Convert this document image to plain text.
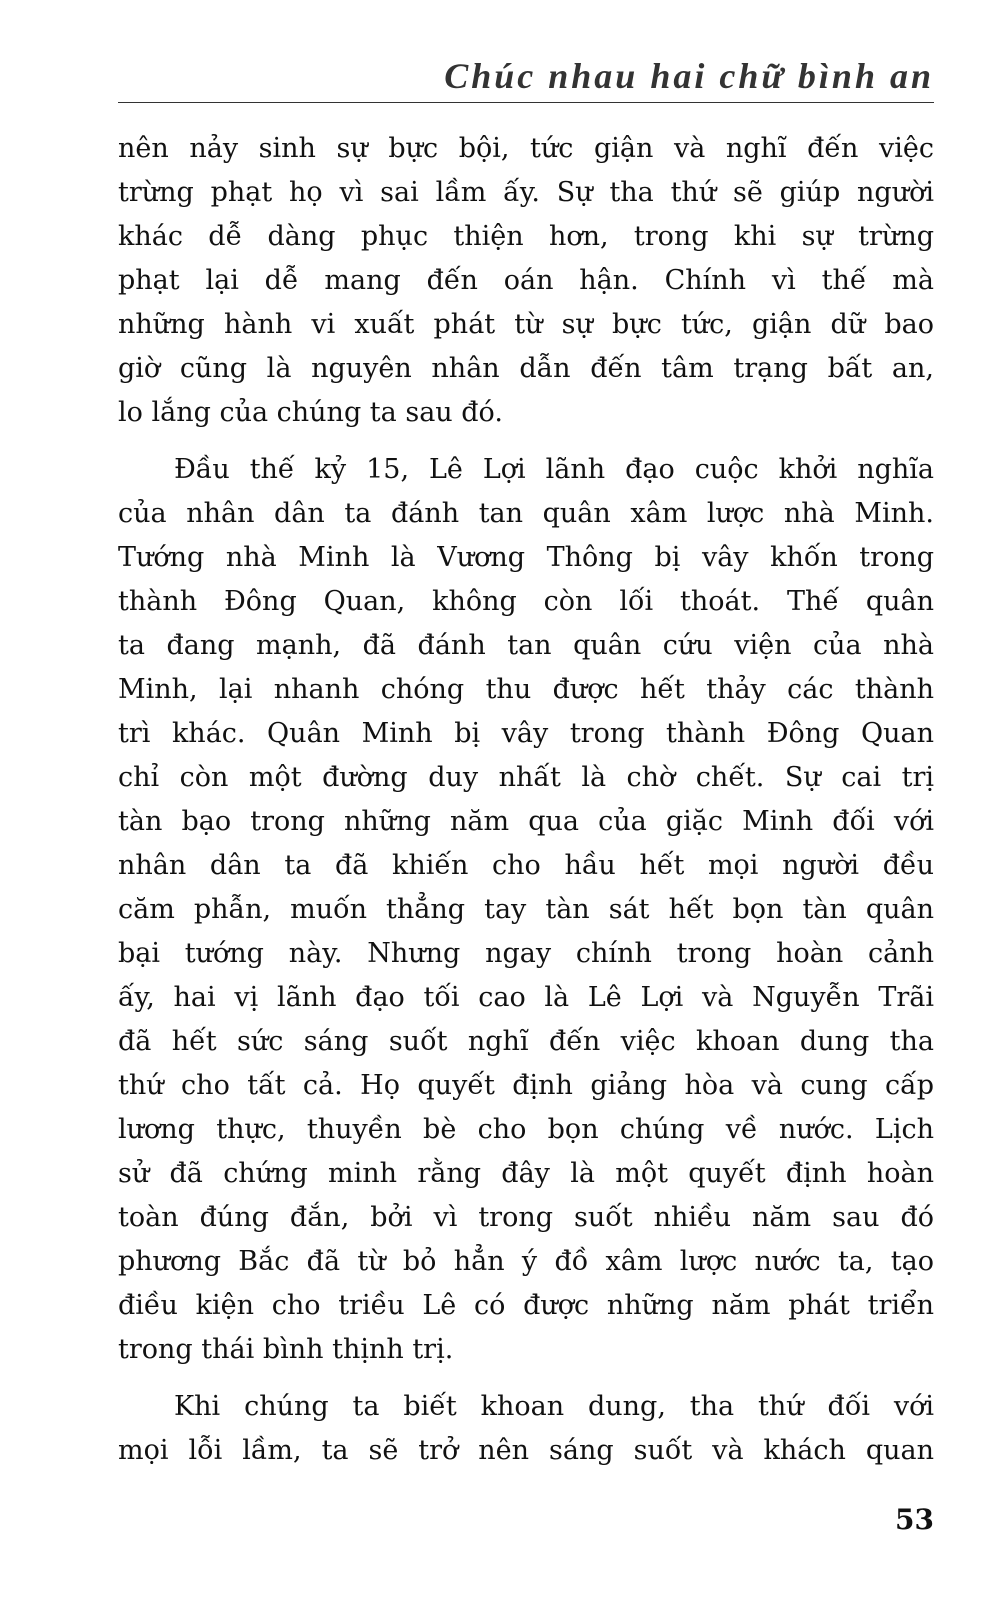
Chúc nhau hai chữ bình an

nên nảy sinh sự bực bội, tức giận và nghĩ đến việc
trừng phạt họ vì sai lầm ấy. Sự tha thứ sẽ giúp người
khác dễ dàng phục thiện hơn, trong khi sự trừng
phạt lại dễ mang đến oán hận. Chính vì thế mà
những hành vi xuất phát từ sự bực tức, giận dữ bao
giờ cũng là nguyên nhân dẫn đến tâm trạng bất an,
lo lắng của chúng ta sau đó.

Đầu thế kỷ 15, Lê Lợi lãnh đạo cuộc khởi nghĩa
của nhân dân ta đánh tan quân xâm lược nhà Minh.
Tướng nhà Minh là Vương Thông bị vây khốn trong
thành Đông Quan, không còn lối thoát. Thế quân
ta đang mạnh, đã đánh tan quân cứu viện của nhà
Minh, lại nhanh chóng thu được hết thảy các thành
trì khác. Quân Minh bị vây trong thành Đông Quan
chỉ còn một đường duy nhất là chờ chết. Sự cai trị
tàn bạo trong những năm qua của giặc Minh đối với
nhân dân ta đã khiến cho hầu hết mọi người đều
căm phẫn, muốn thẳng tay tàn sát hết bọn tàn quân
bại tướng này. Nhưng ngay chính trong hoàn cảnh
ấy, hai vị lãnh đạo tối cao là Lê Lợi và Nguyễn Trãi
đã hết sức sáng suốt nghĩ đến việc khoan dung tha
thứ cho tất cả. Họ quyết định giảng hòa và cung cấp
lương thực, thuyền bè cho bọn chúng về nước. Lịch
sử đã chứng minh rằng đây là một quyết định hoàn
toàn đúng đắn, bởi vì trong suốt nhiều năm sau đó
phương Bắc đã từ bỏ hẳn ý đồ xâm lược nước ta, tạo
điều kiện cho triều Lê có được những năm phát triển
trong thái bình thịnh trị.

Khi chúng ta biết khoan dung, tha thứ đối với
mọi lỗi lầm, ta sẽ trở nên sáng suốt và khách quan

53
